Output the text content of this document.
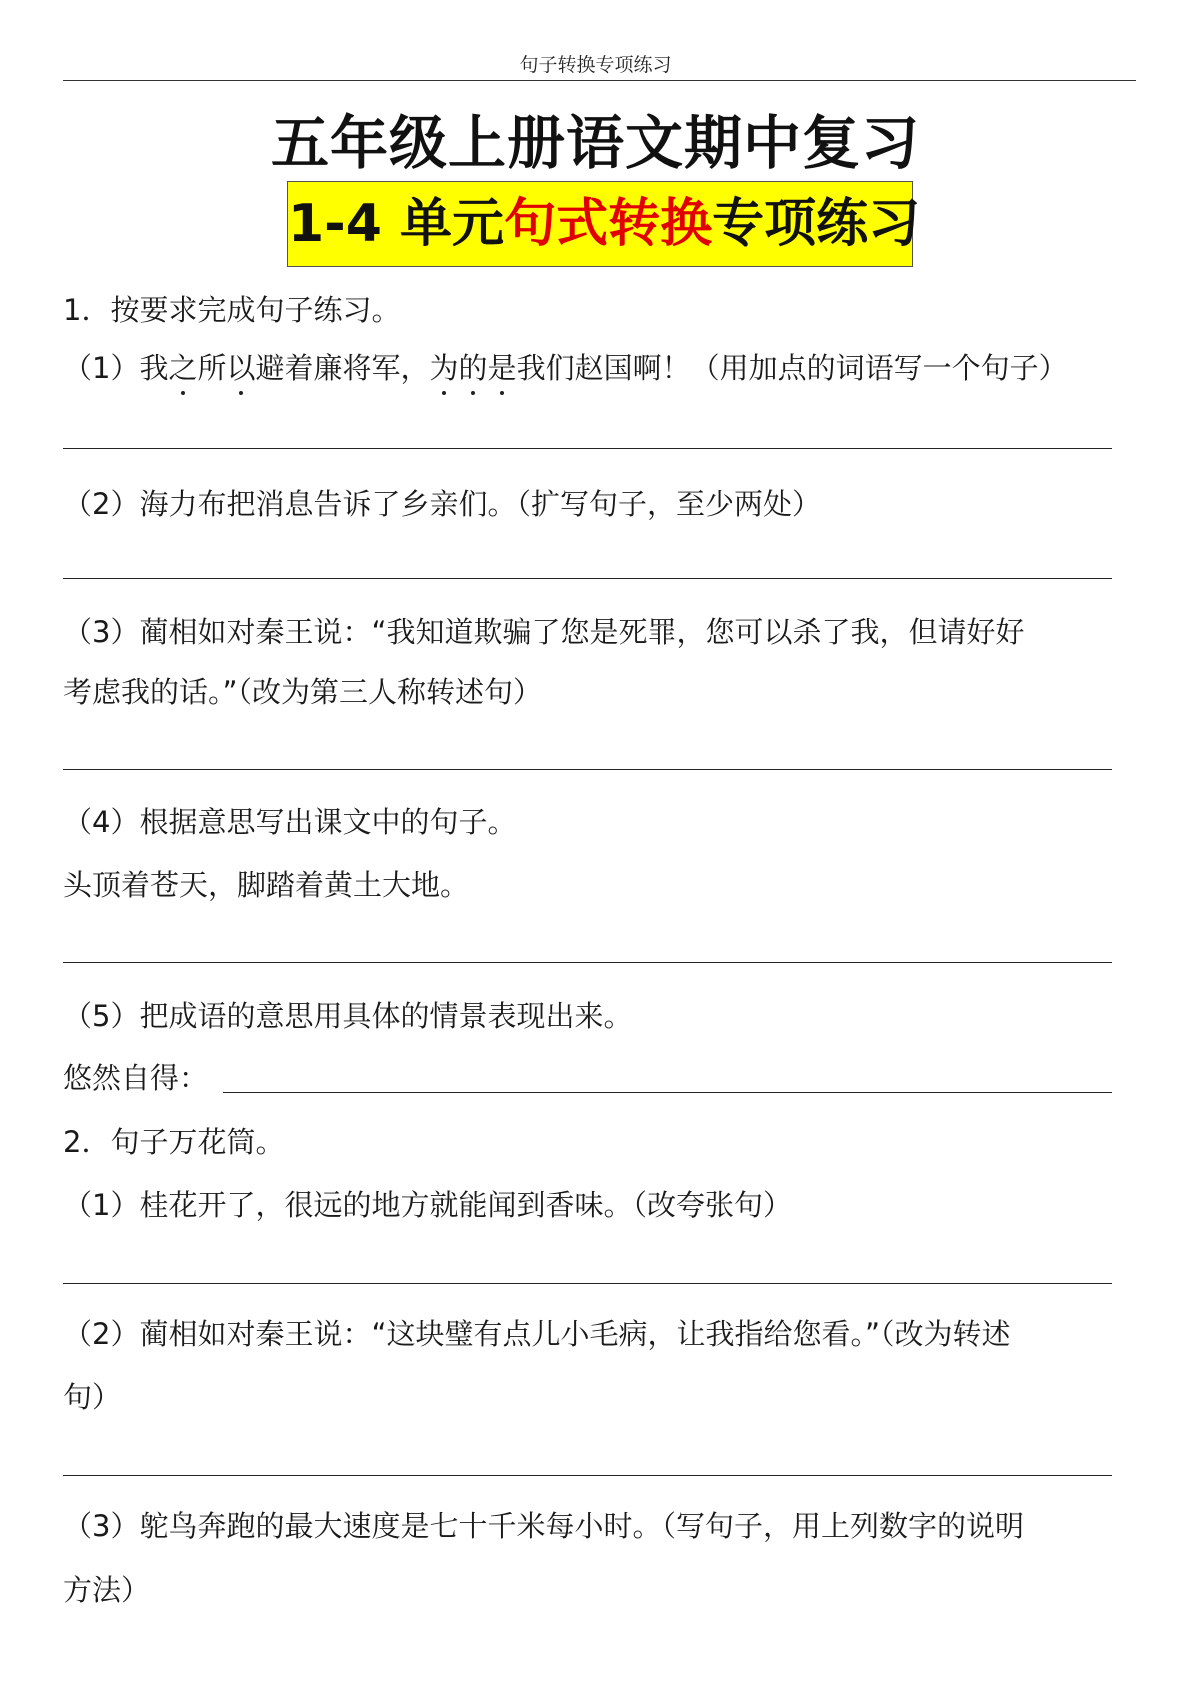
句子转换专项练习
五年级上册语文期中复习
1-4 单元句式转换专项练习
1．按要求完成句子练习。
（1）我之所以避着廉将军，为的是我们赵国啊！（用加点的词语写一个句子）
（2）海力布把消息告诉了乡亲们。（扩写句子，至少两处）
（3）蔺相如对秦王说：“我知道欺骗了您是死罪，您可以杀了我，但请好好
考虑我的话。”（改为第三人称转述句）
（4）根据意思写出课文中的句子。
头顶着苍天，脚踏着黄土大地。
（5）把成语的意思用具体的情景表现出来。
悠然自得：
2．句子万花筒。
（1）桂花开了，很远的地方就能闻到香味。（改夸张句）
（2）蔺相如对秦王说：“这块璧有点儿小毛病，让我指给您看。”（改为转述
句）
（3）鸵鸟奔跑的最大速度是七十千米每小时。（写句子，用上列数字的说明
方法）
